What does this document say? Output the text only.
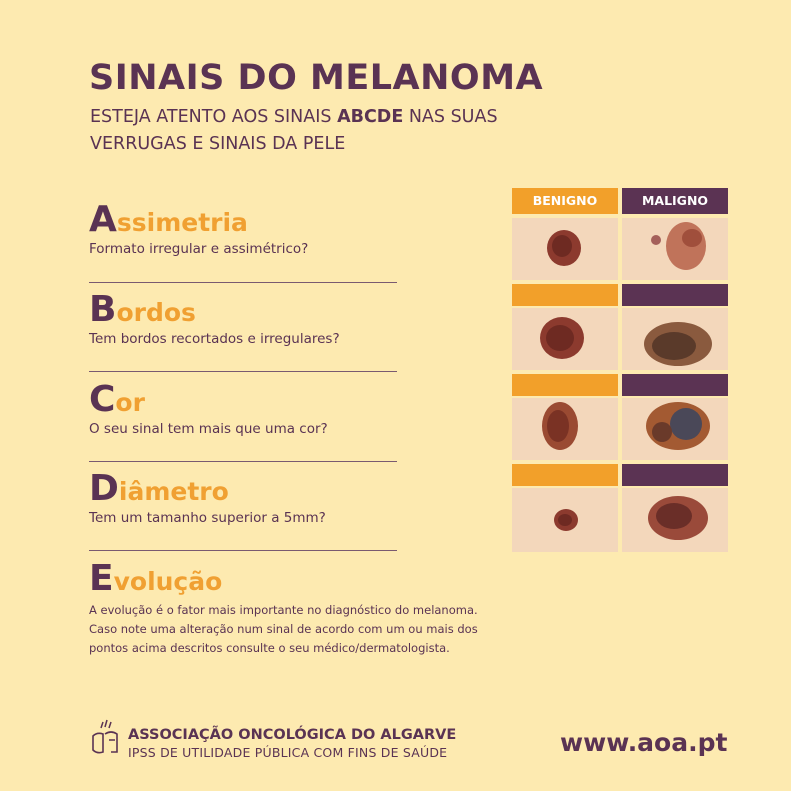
SINAIS DO MELANOMA
ESTEJA ATENTO AOS SINAIS ABCDE NAS SUAS
VERRUGAS E SINAIS DA PELE
Assimetria
Formato irregular e assimétrico?
Bordos
Tem bordos recortados e irregulares?
Cor
O seu sinal tem mais que uma cor?
Diâmetro
Tem um tamanho superior a 5mm?
Evolução
A evolução é o fator mais importante no diagnóstico do melanoma.
Caso note uma alteração num sinal de acordo com um ou mais dos
pontos acima descritos consulte o seu médico/dermatologista.
BENIGNO	MALIGNO
ASSOCIAÇÃO ONCOLÓGICA DO ALGARVE
IPSS DE UTILIDADE PÚBLICA COM FINS DE SAÚDE	www.aoa.pt
